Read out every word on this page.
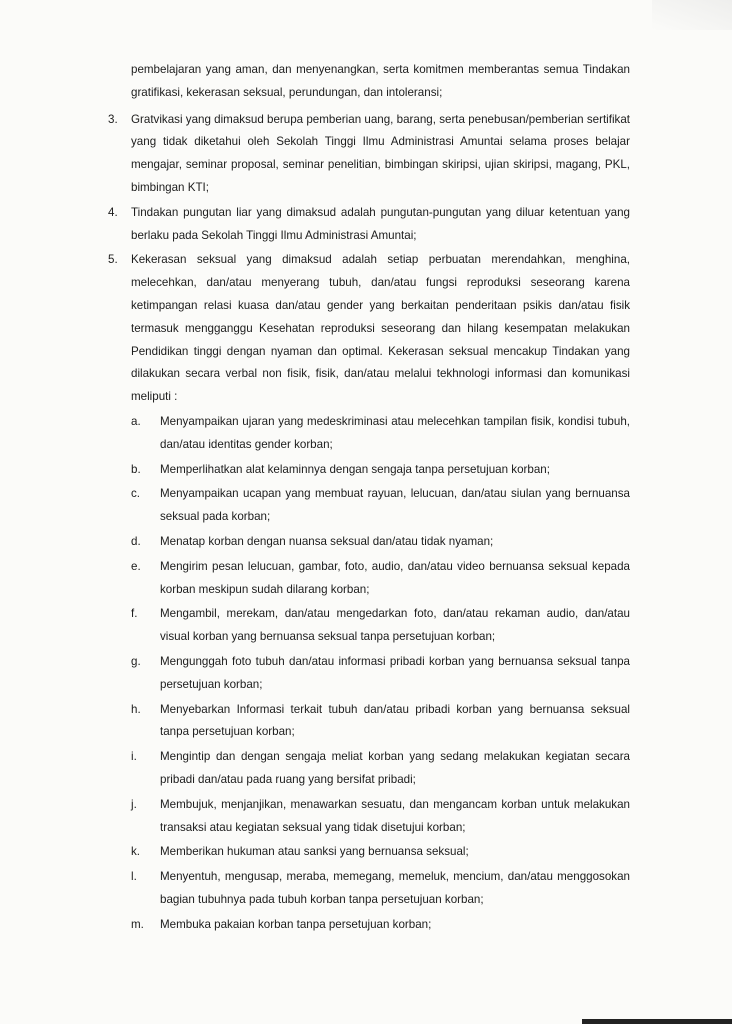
pembelajaran yang aman, dan menyenangkan, serta komitmen memberantas semua Tindakan gratifikasi, kekerasan seksual, perundungan, dan intoleransi;
3.	Gratvikasi yang dimaksud berupa pemberian uang, barang, serta penebusan/pemberian sertifikat yang tidak diketahui oleh Sekolah Tinggi Ilmu Administrasi Amuntai selama proses belajar mengajar, seminar proposal, seminar penelitian, bimbingan skiripsi, ujian skiripsi, magang, PKL, bimbingan KTI;
4.	Tindakan pungutan liar yang dimaksud adalah pungutan-pungutan yang diluar ketentuan yang berlaku pada Sekolah Tinggi Ilmu Administrasi Amuntai;
5.	Kekerasan seksual yang dimaksud adalah setiap perbuatan merendahkan, menghina, melecehkan, dan/atau menyerang tubuh, dan/atau fungsi reproduksi seseorang karena ketimpangan relasi kuasa dan/atau gender yang berkaitan penderitaan psikis dan/atau fisik termasuk mengganggu Kesehatan reproduksi seseorang dan hilang kesempatan melakukan Pendidikan tinggi dengan nyaman dan optimal. Kekerasan seksual mencakup Tindakan yang dilakukan secara verbal non fisik, fisik, dan/atau melalui tekhnologi informasi dan komunikasi meliputi :
a.	Menyampaikan ujaran yang medeskriminasi atau melecehkan tampilan fisik, kondisi tubuh, dan/atau identitas gender korban;
b.	Memperlihatkan alat kelaminnya dengan sengaja tanpa persetujuan korban;
c.	Menyampaikan ucapan yang membuat rayuan, lelucuan, dan/atau siulan yang bernuansa seksual pada korban;
d.	Menatap korban dengan nuansa seksual dan/atau tidak nyaman;
e.	Mengirim pesan lelucuan, gambar, foto, audio, dan/atau video bernuansa seksual kepada korban meskipun sudah dilarang korban;
f.	Mengambil, merekam, dan/atau mengedarkan foto, dan/atau rekaman audio, dan/atau visual korban yang bernuansa seksual tanpa persetujuan korban;
g.	Mengunggah foto tubuh dan/atau informasi pribadi korban yang bernuansa seksual tanpa persetujuan korban;
h.	Menyebarkan Informasi terkait tubuh dan/atau pribadi korban yang bernuansa seksual tanpa persetujuan korban;
i.	Mengintip dan dengan sengaja meliat korban yang sedang melakukan kegiatan secara pribadi dan/atau pada ruang yang bersifat pribadi;
j.	Membujuk, menjanjikan, menawarkan sesuatu, dan mengancam korban untuk melakukan transaksi atau kegiatan seksual yang tidak disetujui korban;
k.	Memberikan hukuman atau sanksi yang bernuansa seksual;
l.	Menyentuh, mengusap, meraba, memegang, memeluk, mencium, dan/atau menggosokan bagian tubuhnya pada tubuh korban tanpa persetujuan korban;
m.	Membuka pakaian korban tanpa persetujuan korban;
